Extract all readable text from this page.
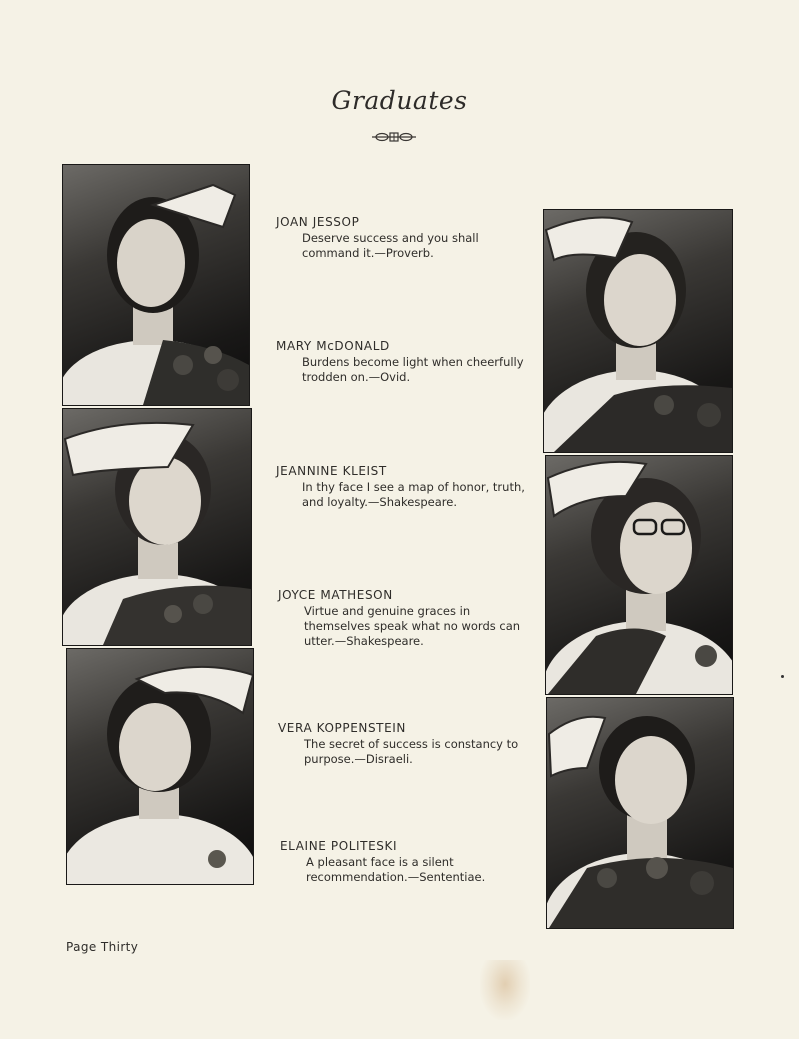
Graduates
JOAN JESSOP
Deserve success and you shall command it.—Proverb.
MARY McDONALD
Burdens become light when cheerfully trodden on.—Ovid.
JEANNINE KLEIST
In thy face I see a map of honor, truth, and loyalty.—Shakespeare.
JOYCE MATHESON
Virtue and genuine graces in themselves speak what no words can utter.—Shakespeare.
VERA KOPPENSTEIN
The secret of success is constancy to purpose.—Disraeli.
ELAINE POLITESKI
A pleasant face is a silent recommendation.—Sententiae.
Page Thirty
